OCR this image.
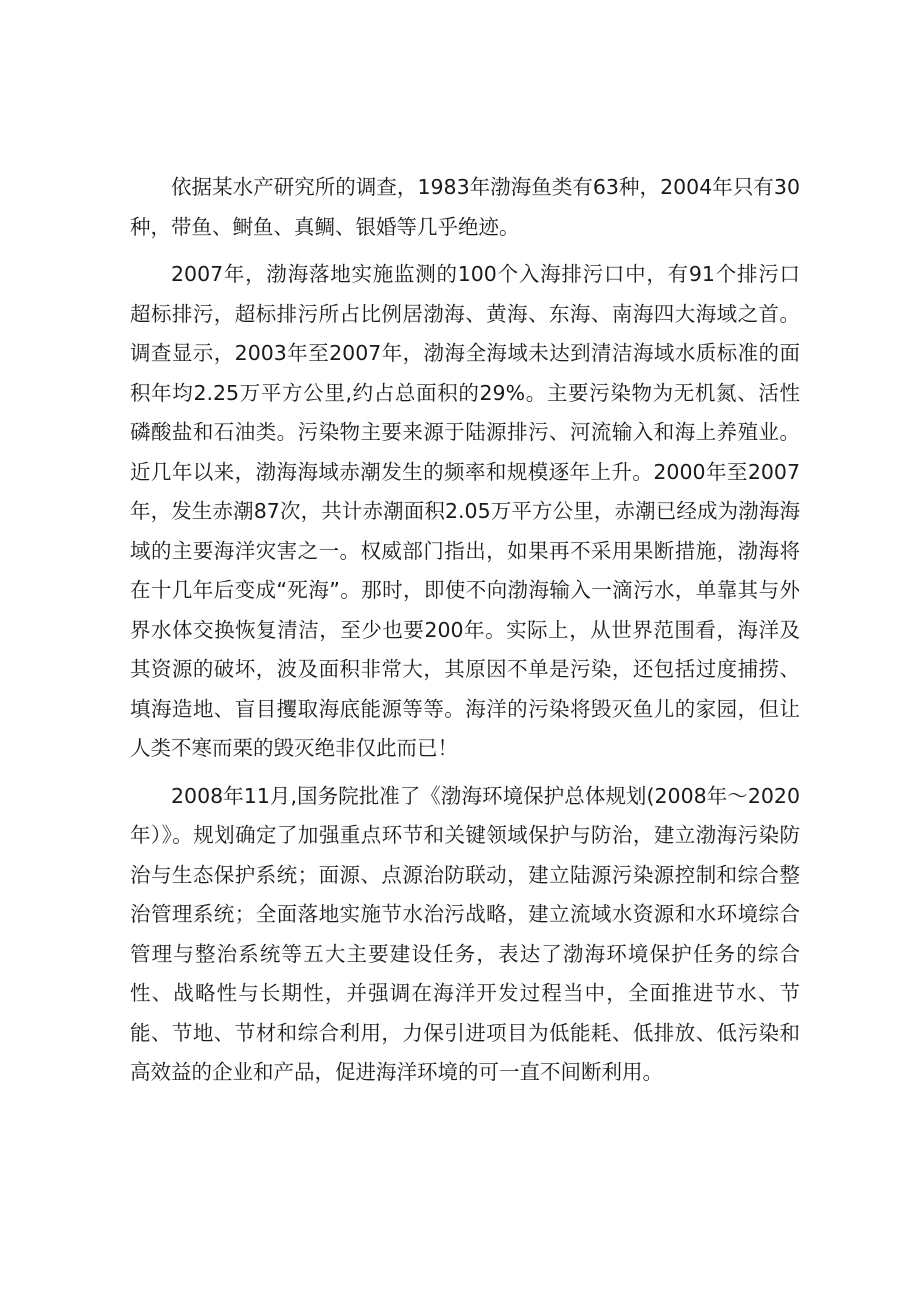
依据某水产研究所的调查，1983年渤海鱼类有63种，2004年只有30种，带鱼、鲥鱼、真鲷、银婚等几乎绝迹。

2007年，渤海落地实施监测的100个入海排污口中，有91个排污口超标排污，超标排污所占比例居渤海、黄海、东海、南海四大海域之首。调查显示，2003年至2007年，渤海全海域未达到清洁海域水质标准的面积年均2.25万平方公里,约占总面积的29%。主要污染物为无机氮、活性磷酸盐和石油类。污染物主要来源于陆源排污、河流输入和海上养殖业。近几年以来，渤海海域赤潮发生的频率和规模逐年上升。2000年至2007年，发生赤潮87次，共计赤潮面积2.05万平方公里，赤潮已经成为渤海海域的主要海洋灾害之一。权威部门指出，如果再不采用果断措施，渤海将在十几年后变成“死海”。那时，即使不向渤海输入一滴污水，单靠其与外界水体交换恢复清洁，至少也要200年。实际上，从世界范围看，海洋及其资源的破坏，波及面积非常大，其原因不单是污染，还包括过度捕捞、填海造地、盲目攫取海底能源等等。海洋的污染将毁灭鱼儿的家园，但让人类不寒而栗的毁灭绝非仅此而已！

2008年11月,国务院批准了《渤海环境保护总体规划(2008年〜2020年）》。规划确定了加强重点环节和关键领域保护与防治，建立渤海污染防治与生态保护系统；面源、点源治防联动，建立陆源污染源控制和综合整治管理系统；全面落地实施节水治污战略，建立流域水资源和水环境综合管理与整治系统等五大主要建设任务，表达了渤海环境保护任务的综合性、战略性与长期性，并强调在海洋开发过程当中，全面推进节水、节能、节地、节材和综合利用，力保引进项目为低能耗、低排放、低污染和高效益的企业和产品，促进海洋环境的可一直不间断利用。
